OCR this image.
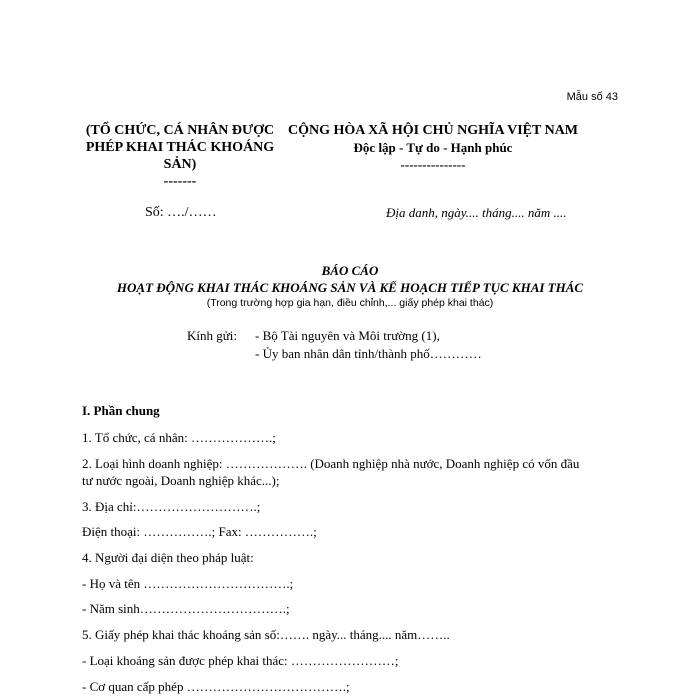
Mẫu số 43
(TỔ CHỨC, CÁ NHÂN ĐƯỢC PHÉP KHAI THÁC KHOÁNG SẢN)
-------
CỘNG HÒA XÃ HỘI CHỦ NGHĨA VIỆT NAM
Độc lập - Tự do - Hạnh phúc
---------------
Số: …./……	Địa danh, ngày.... tháng.... năm ....
BÁO CÁO
HOẠT ĐỘNG KHAI THÁC KHOÁNG SẢN VÀ KẾ HOẠCH TIẾP TỤC KHAI THÁC
(Trong trường hợp gia hạn, điều chỉnh,... giấy phép khai thác)
Kính gửi: - Bộ Tài nguyên và Môi trường (1),
- Ủy ban nhân dân tỉnh/thành phố…………
I. Phần chung
1. Tổ chức, cá nhân: ……………….;
2. Loại hình doanh nghiệp: ………………. (Doanh nghiệp nhà nước, Doanh nghiệp có vốn đầu
tư nước ngoài, Doanh nghiệp khác...);
3. Địa chỉ:……………………….;
Điện thoại: …………….; Fax: …………….;
4. Người đại diện theo pháp luật:
- Họ và tên …………………………….;
- Năm sinh…………………………….;
5. Giấy phép khai thác khoáng sản số:……. ngày... tháng.... năm……..
- Loại khoáng sản được phép khai thác: ……………………;
- Cơ quan cấp phép ……………………………….;
